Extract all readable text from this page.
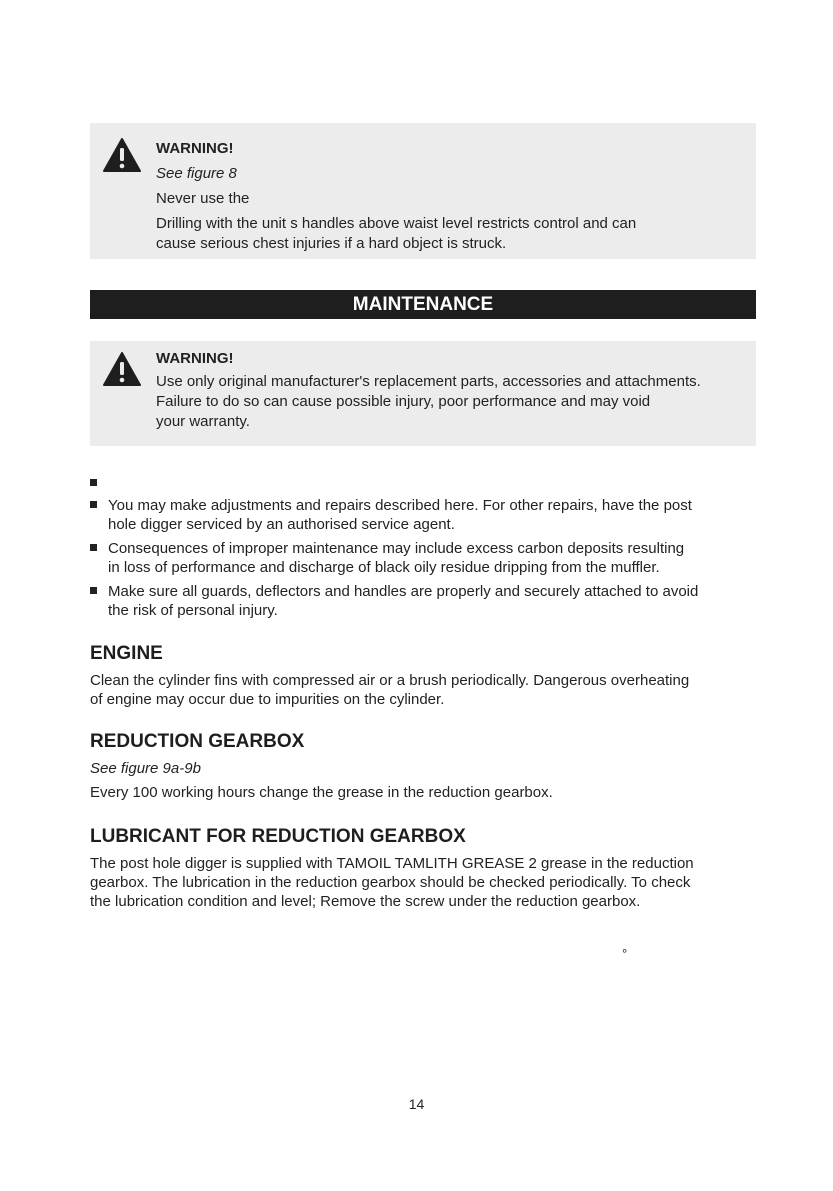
WARNING!
See figure 8
Never use the
Drilling with the unit s handles above waist level restricts control and can
cause serious chest injuries if a hard object is struck.
MAINTENANCE
WARNING!
Use only original manufacturer's replacement parts, accessories and attachments.
Failure to do so can cause possible injury, poor performance and may void
your warranty.
You may make adjustments and repairs described here. For other repairs, have the post
hole digger serviced by an authorised service agent.
Consequences of improper maintenance may include excess carbon deposits resulting
in loss of performance and discharge of black oily residue dripping from the muffler.
Make sure all guards, deflectors and handles are properly and securely attached to avoid
the risk of personal injury.
ENGINE
Clean the cylinder fins with compressed air or a brush periodically. Dangerous overheating
of engine may occur due to impurities on the cylinder.
REDUCTION GEARBOX
See figure 9a-9b
Every 100 working hours change the grease in the reduction gearbox.
LUBRICANT FOR REDUCTION GEARBOX
The post hole digger is supplied with TAMOIL TAMLITH GREASE 2 grease in the reduction
gearbox. The lubrication in the reduction gearbox should be checked periodically. To check
the lubrication condition and level; Remove the screw under the reduction gearbox.
°
14
